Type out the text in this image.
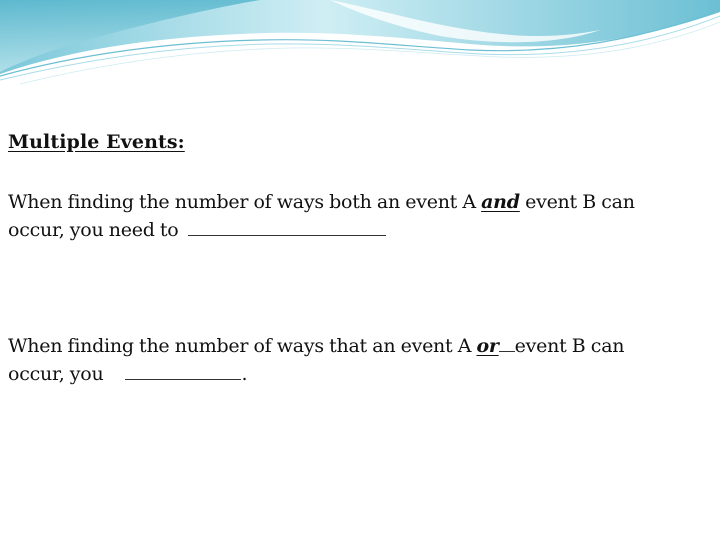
Multiple Events:
When finding the number of ways both an event A and event B can
occur, you need to
When finding the number of ways that an event A or event B can
occur, you	.
